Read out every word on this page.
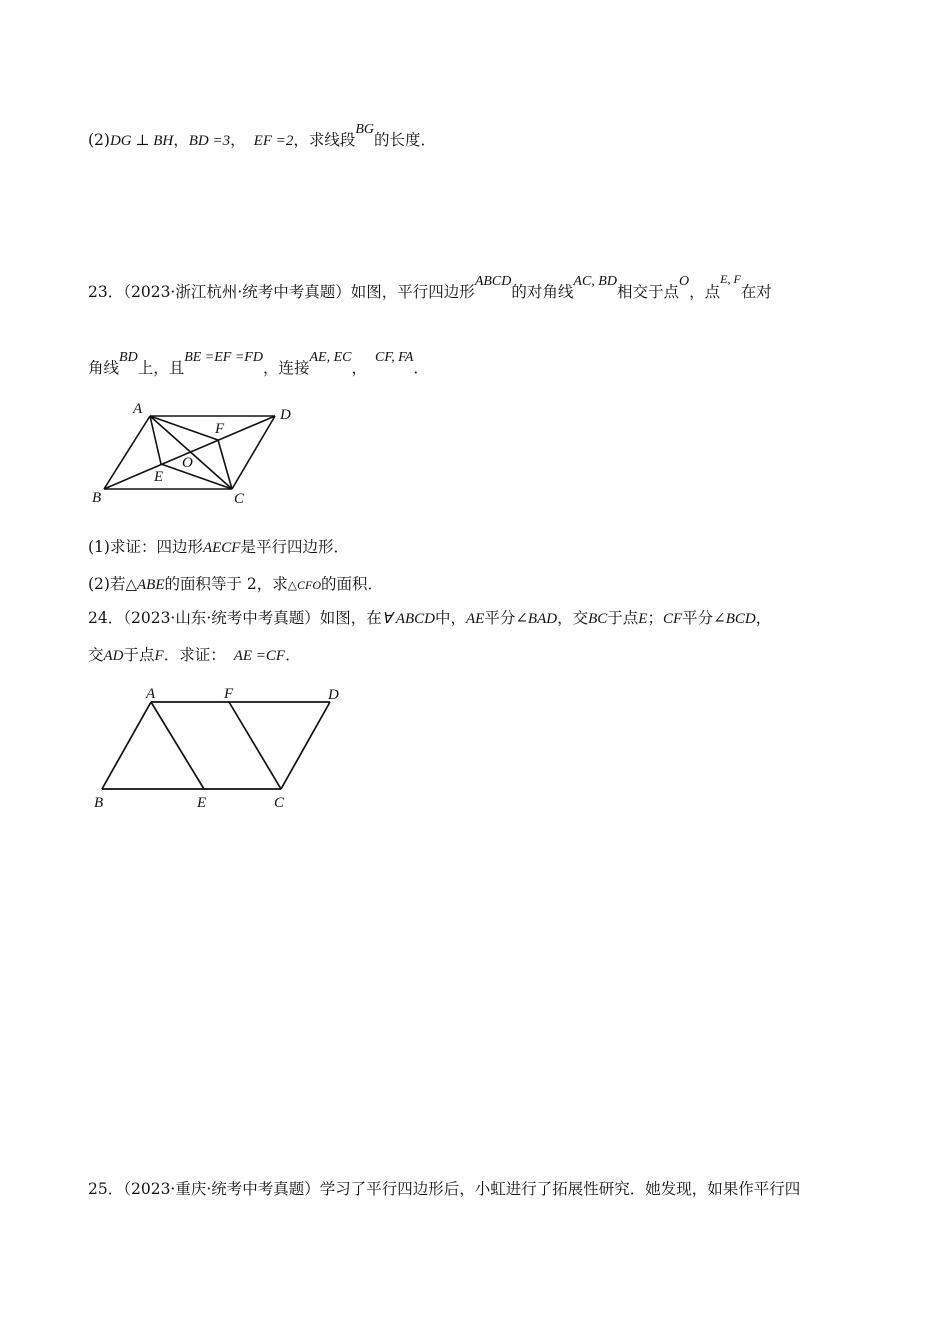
(2)DG ⊥ BH，BD =3， EF =2，求线段BG的长度．
23．（2023·浙江杭州·统考中考真题）如图，平行四边形ABCD的对角线AC, BD相交于点O，点$^{E, F}$在对
角线BD上，且BE =EF =FD，连接AE, EC，CF, FA．
A
B	C
D
E
F
O
(1)求证：四边形AECF是平行四边形．
(2)若△ABE的面积等于 2，求△CFO的面积．
24．（2023·山东·统考中考真题）如图，在ꓯ ABCD中，AE平分∠BAD，交BC于点E；CF平分∠BCD，
交AD于点F．求证： AE =CF．
A	F	D
B	E	C
25．（2023·重庆·统考中考真题）学习了平行四边形后，小虹进行了拓展性研究．她发现，如果作平行四
